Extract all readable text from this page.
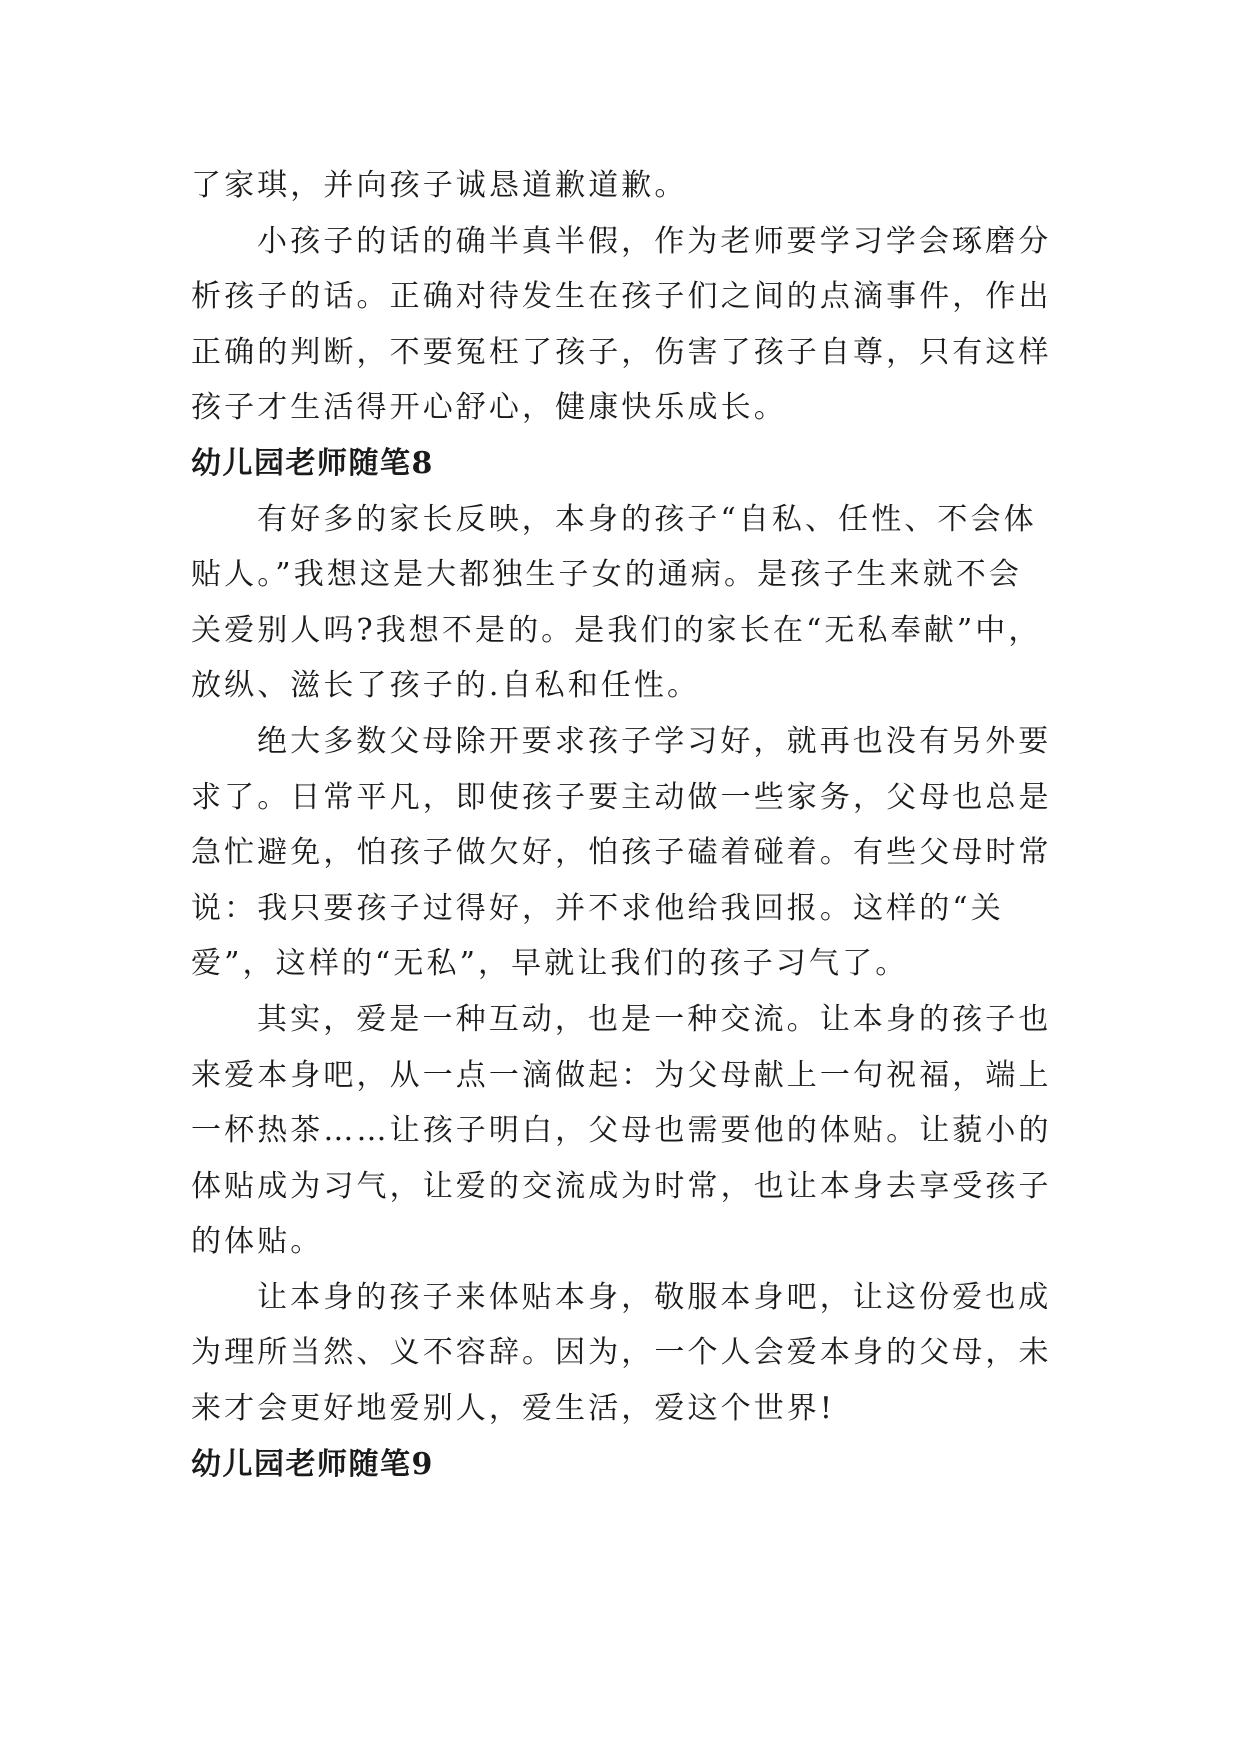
了家琪，并向孩子诚恳道歉道歉。

小孩子的话的确半真半假，作为老师要学习学会琢磨分
析孩子的话。正确对待发生在孩子们之间的点滴事件，作出
正确的判断，不要冤枉了孩子，伤害了孩子自尊，只有这样
孩子才生活得开心舒心，健康快乐成长。

幼儿园老师随笔8

有好多的家长反映，本身的孩子“自私、任性、不会体
贴人。”我想这是大都独生子女的通病。是孩子生来就不会
关爱别人吗?我想不是的。是我们的家长在“无私奉献”中，
放纵、滋长了孩子的.自私和任性。

绝大多数父母除开要求孩子学习好，就再也没有另外要
求了。日常平凡，即使孩子要主动做一些家务，父母也总是
急忙避免，怕孩子做欠好，怕孩子磕着碰着。有些父母时常
说：我只要孩子过得好，并不求他给我回报。这样的“关
爱”，这样的“无私”，早就让我们的孩子习气了。

其实，爱是一种互动，也是一种交流。让本身的孩子也
来爱本身吧，从一点一滴做起：为父母献上一句祝福，端上
一杯热茶……让孩子明白，父母也需要他的体贴。让藐小的
体贴成为习气，让爱的交流成为时常，也让本身去享受孩子
的体贴。

让本身的孩子来体贴本身，敬服本身吧，让这份爱也成
为理所当然、义不容辞。因为，一个人会爱本身的父母，未
来才会更好地爱别人，爱生活，爱这个世界!

幼儿园老师随笔9
